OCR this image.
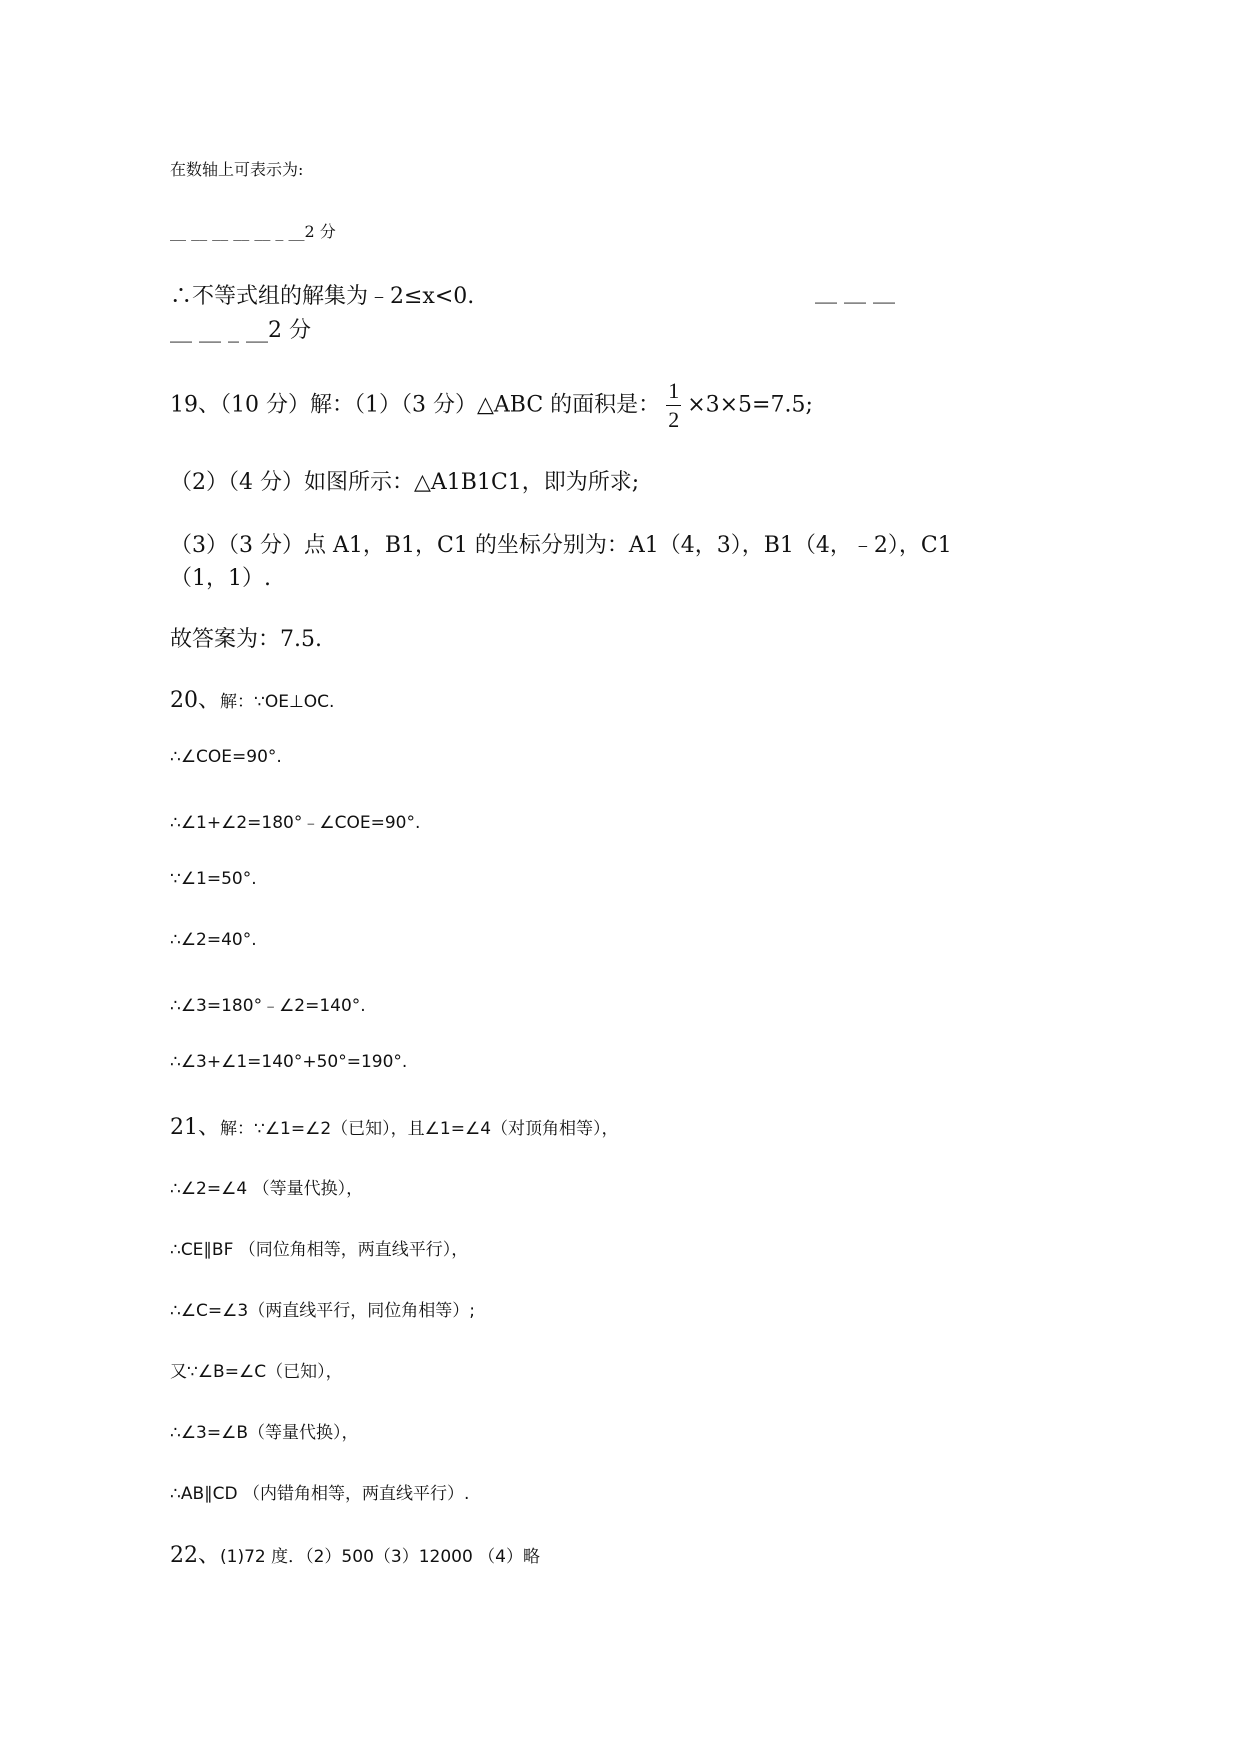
在数轴上可表示为:
__ __ __ __ __ _ __2 分
∴不等式组的解集为﹣2≤x<0.	__ __ __
__ __ _ __2 分
19、（10 分）解：（1）（3 分）△ABC 的面积是： $\frac{1}{2} \times 3\times 5=7.5$;
（2）（4 分）如图所示：△A1B1C1，即为所求;
（3）（3 分）点 A1，B1，C1 的坐标分别为：A1（4，3），B1（4，﹣2），C1
（1，1）.
故答案为：7.5.
20、解：∵OE⊥OC.
∴∠COE=90°.
∴∠1+∠2=180°﹣∠COE=90°.
∵∠1=50°.
∴∠2=40°.
∴∠3=180°﹣∠2=140°.
∴∠3+∠1=140°+50°=190°.
21、解：∵∠1=∠2（已知），且∠1=∠4（对顶角相等），
∴∠2=∠4 （等量代换），
∴CE∥BF （同位角相等，两直线平行），
∴∠C=∠3（两直线平行，同位角相等）;
又∵∠B=∠C（已知），
∴∠3=∠B（等量代换），
∴AB∥CD （内错角相等，两直线平行）.
22、(1)72 度．（2）500（3）12000 （4）略
